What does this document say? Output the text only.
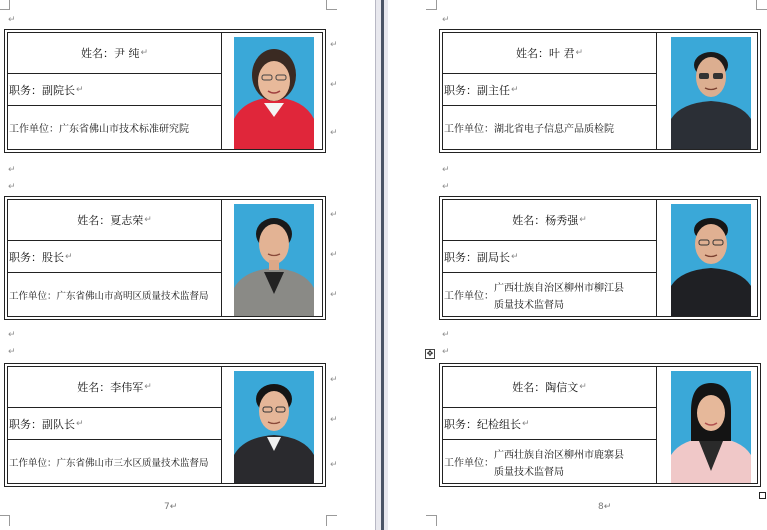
↵
↵
↵
↵
↵
↵
↵
↵
↵
↵
↵
↵
↵
↵
姓名： 尹 纯 ↵
职务： 副院长 ↵
工作单位： 广东省佛山市技术标准研究院
姓名： 夏志荣 ↵
职务： 股长 ↵
工作单位： 广东省佛山市高明区质量技术监督局
姓名： 李伟军 ↵
职务： 副队长 ↵
工作单位： 广东省佛山市三水区质量技术监督局
7↵
↵
↵
↵
↵
↵
姓名： 叶 君 ↵
职务： 副主任 ↵
工作单位： 湖北省电子信息产品质检院
姓名： 杨秀强 ↵
职务： 副局长 ↵
工作单位：
广西壮族自治区柳州市柳江县
质量技术监督局
姓名： 陶信文 ↵
职务： 纪检组长 ↵
工作单位：
广西壮族自治区柳州市鹿寨县
质量技术监督局
8↵
✥
